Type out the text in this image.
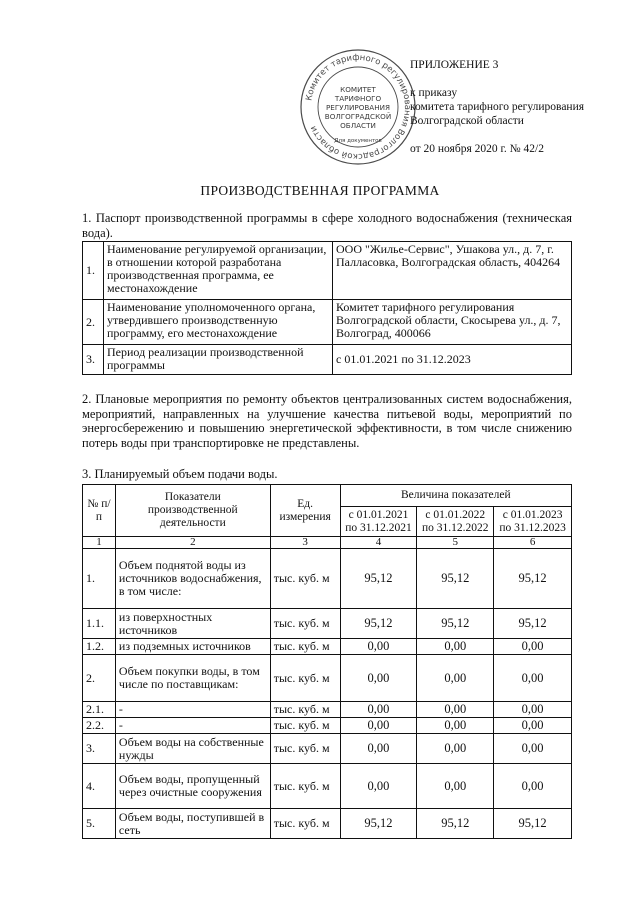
Комитет тарифного регулирования Волгоградской области
КОМИТЕТ
ТАРИФНОГО
РЕГУЛИРОВАНИЯ
ВОЛГОГРАДСКОЙ
ОБЛАСТИ
Для документов
ПРИЛОЖЕНИЕ 3
к приказу
комитета тарифного регулирования
Волгоградской области
от 20 ноября 2020 г. № 42/2
ПРОИЗВОДСТВЕННАЯ ПРОГРАММА
1. Паспорт производственной программы в сфере холодного водоснабжения (техническая вода).
1.	Наименование регулируемой организации, в отношении которой разработана производственная программа, ее местонахождение	ООО "Жилье-Сервис", Ушакова ул., д. 7, г. Палласовка, Волгоградская область, 404264
2.	Наименование уполномоченного органа, утвердившего производственную программу, его местонахождение	Комитет тарифного регулирования Волгоградской области, Скосырева ул., д. 7, Волгоград, 400066
3.	Период реализации производственной программы	с 01.01.2021 по 31.12.2023
2. Плановые мероприятия по ремонту объектов централизованных систем водоснабжения, мероприятий, направленных на улучшение качества питьевой воды, мероприятий по энергосбережению и повышению энергетической эффективности, в том числе снижению потерь воды при транспортировке не представлены.
3. Планируемый объем подачи воды.
№ п/п	Показатели производственной деятельности	Ед. измерения	Величина показателей		
			с 01.01.2021 по 31.12.2021	с 01.01.2022 по 31.12.2022	с 01.01.2023 по 31.12.2023
1	2	3	4	5	6
1.	Объем поднятой воды из источников водоснабжения, в том числе:	тыс. куб. м	95,12	95,12	95,12
1.1.	из поверхностных источников	тыс. куб. м	95,12	95,12	95,12
1.2.	из подземных источников	тыс. куб. м	0,00	0,00	0,00
2.	Объем покупки воды, в том числе по поставщикам:	тыс. куб. м	0,00	0,00	0,00
2.1.	-	тыс. куб. м	0,00	0,00	0,00
2.2.	-	тыс. куб. м	0,00	0,00	0,00
3.	Объем воды на собственные нужды	тыс. куб. м	0,00	0,00	0,00
4.	Объем воды, пропущенный через очистные сооружения	тыс. куб. м	0,00	0,00	0,00
5.	Объем воды, поступившей в сеть	тыс. куб. м	95,12	95,12	95,12
